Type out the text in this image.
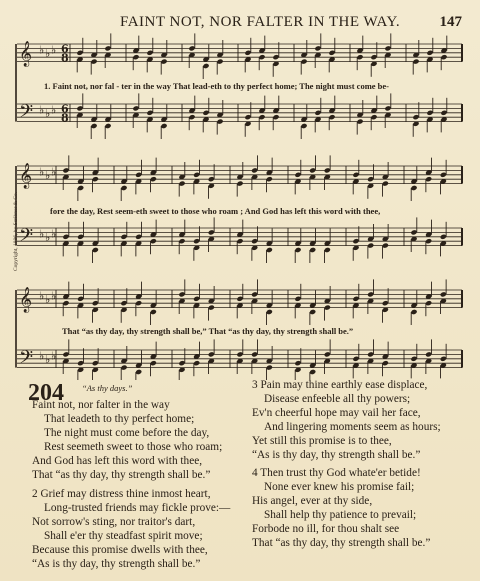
FAINT NOT, NOR FALTER IN THE WAY.	147
𝄞 ♭ ♭ ♭ 6
8
𝄢 ♭ ♭ ♭ 6
8
𝄞 ♭ ♭ ♭
𝄢 ♭ ♭ ♭
𝄞 ♭ ♭ ♭
𝄢 ♭ ♭ ♭
Copyright, 1886, by Scribner & Co.
1. Faint not, nor fal - ter in the way That lead-eth to thy perfect home; The night must come be-
fore the day, Rest seem-eth sweet to those who roam ; And God has left this word with thee,
That “as thy day, thy strength shall be,” That “as thy day, thy strength shall be.”
204 “As thy days.”
Faint not, nor falter in the way
That leadeth to thy perfect home;
The night must come before the day,
Rest seemeth sweet to those who roam;
And God has left this word with thee,
That “as thy day, thy strength shall be.”
2 Grief may distress thine inmost heart,
Long-trusted friends may fickle prove:—
Not sorrow's sting, nor traitor's dart,
Shall e'er thy steadfast spirit move;
Because this promise dwells with thee,
“As is thy day, thy strength shall be.”
3 Pain may thine earthly ease displace,
Disease enfeeble all thy powers;
Ev'n cheerful hope may vail her face,
And lingering moments seem as hours;
Yet still this promise is to thee,
“As is thy day, thy strength shall be.”
4 Then trust thy God whate'er betide!
None ever knew his promise fail;
His angel, ever at thy side,
Shall help thy patience to prevail;
Forbode no ill, for thou shalt see
That “as thy day, thy strength shall be.”
